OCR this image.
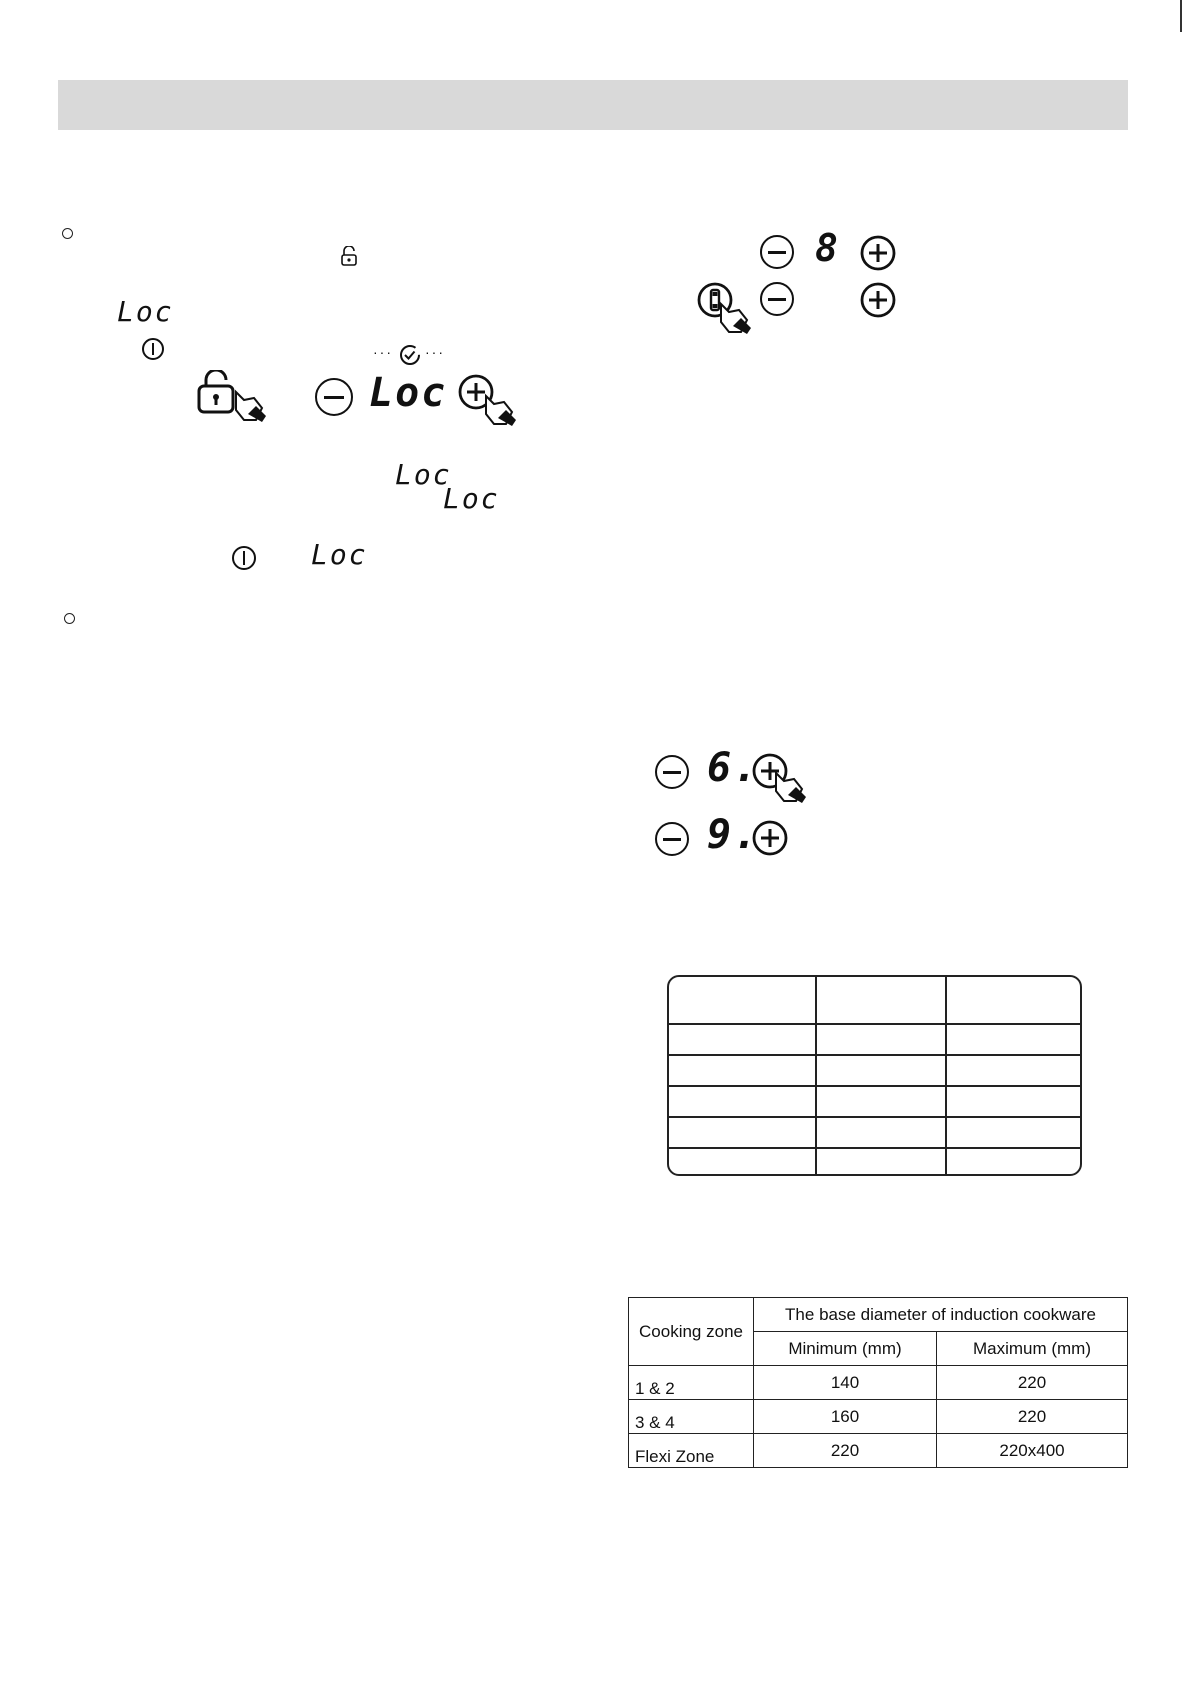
Loc
··· ···
Loc
Loc
Loc
Loc
8
6.
9.
Cooking zone	The base diameter of induction cookware	
	Minimum (mm)	Maximum (mm)
1 & 2	140	220
3 & 4	160	220
Flexi Zone	220	220x400
